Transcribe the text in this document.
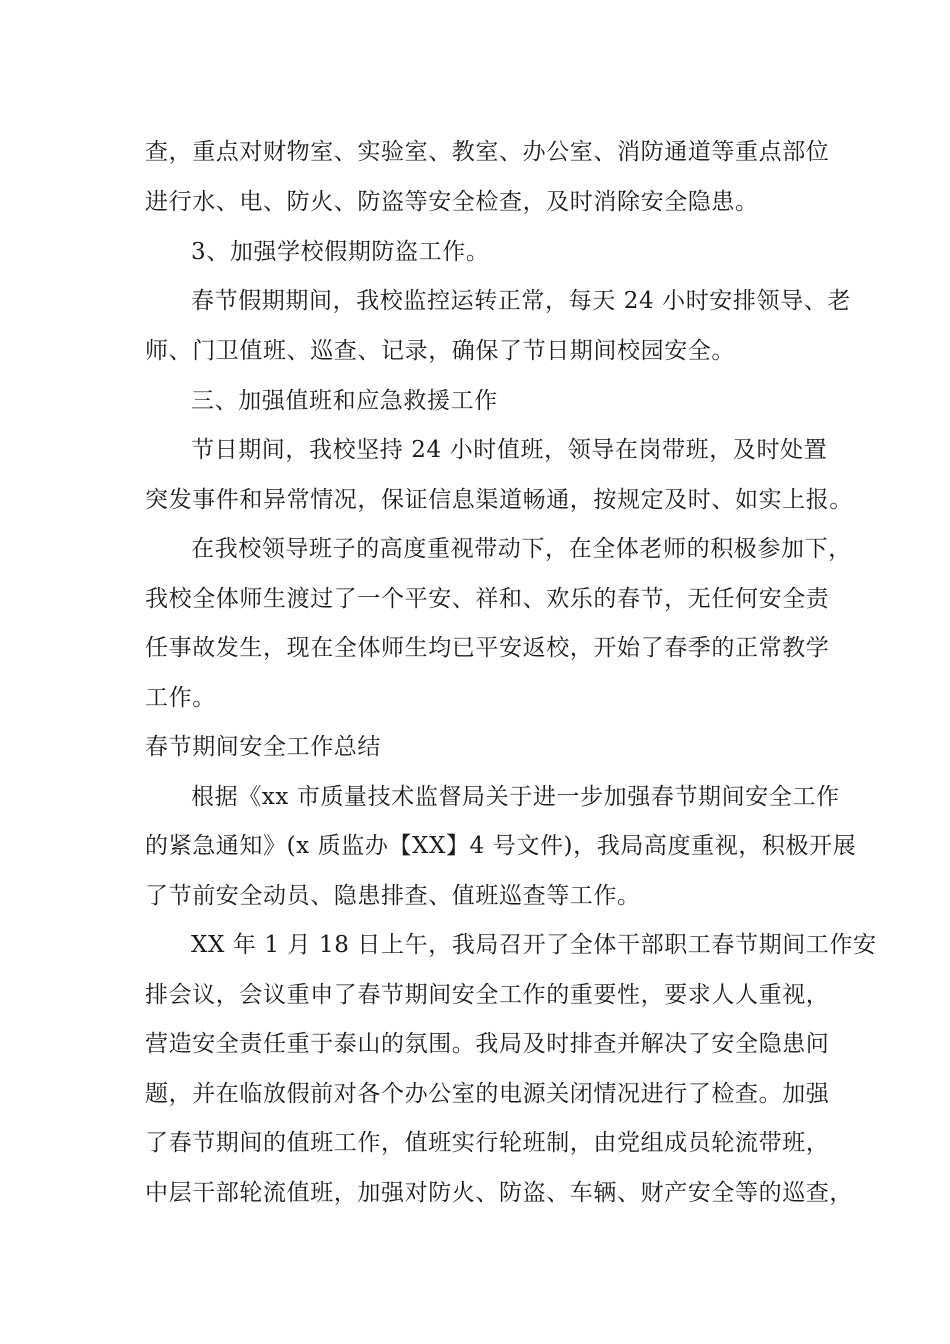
查，重点对财物室、实验室、教室、办公室、消防通道等重点部位
进行水、电、防火、防盗等安全检查，及时消除安全隐患。
3、加强学校假期防盗工作。
春节假期期间，我校监控运转正常，每天 24 小时安排领导、老
师、门卫值班、巡查、记录，确保了节日期间校园安全。
三、加强值班和应急救援工作
节日期间，我校坚持 24 小时值班，领导在岗带班，及时处置
突发事件和异常情况，保证信息渠道畅通，按规定及时、如实上报。
在我校领导班子的高度重视带动下，在全体老师的积极参加下，
我校全体师生渡过了一个平安、祥和、欢乐的春节，无任何安全责
任事故发生，现在全体师生均已平安返校，开始了春季的正常教学
工作。
春节期间安全工作总结
根据《xx 市质量技术监督局关于进一步加强春节期间安全工作
的紧急通知》(x 质监办【XX】4 号文件)，我局高度重视，积极开展
了节前安全动员、隐患排查、值班巡查等工作。
XX 年 1 月 18 日上午，我局召开了全体干部职工春节期间工作安
排会议，会议重申了春节期间安全工作的重要性，要求人人重视，
营造安全责任重于泰山的氛围。我局及时排查并解决了安全隐患问
题，并在临放假前对各个办公室的电源关闭情况进行了检查。加强
了春节期间的值班工作，值班实行轮班制，由党组成员轮流带班，
中层干部轮流值班，加强对防火、防盗、车辆、财产安全等的巡查，
